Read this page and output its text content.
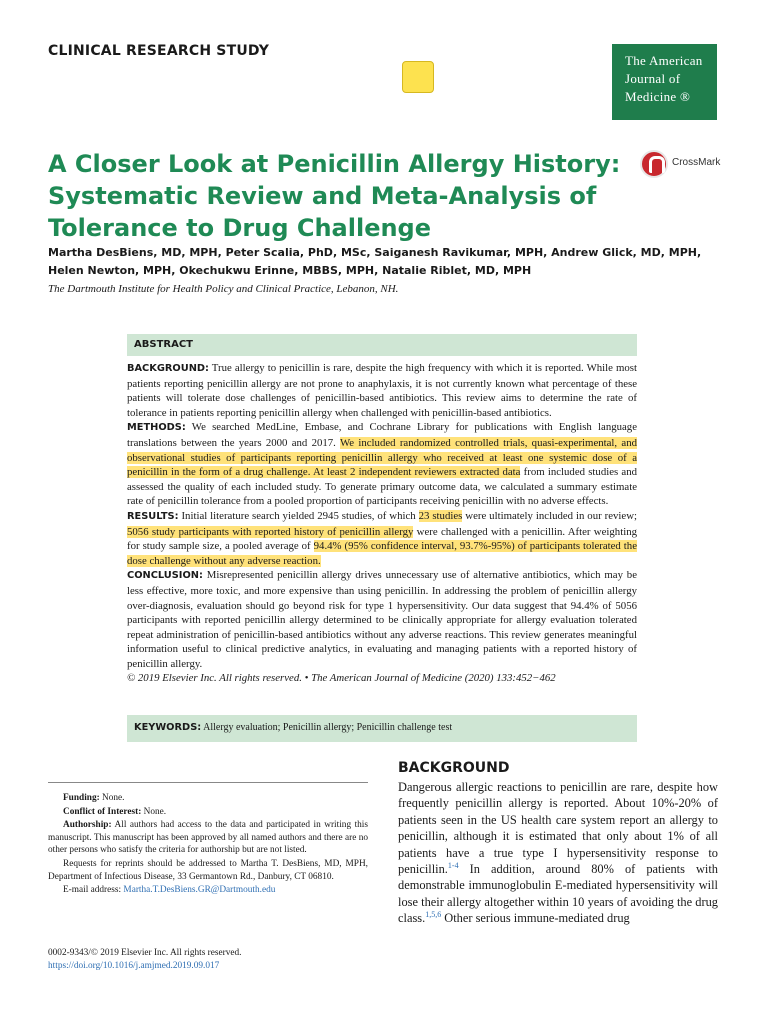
CLINICAL RESEARCH STUDY
The American
Journal of
Medicine ®
CrossMark
A Closer Look at Penicillin Allergy History: Systematic Review and Meta-Analysis of Tolerance to Drug Challenge
Martha DesBiens, MD, MPH, Peter Scalia, PhD, MSc, Saiganesh Ravikumar, MPH, Andrew Glick, MD, MPH, Helen Newton, MPH, Okechukwu Erinne, MBBS, MPH, Natalie Riblet, MD, MPH
The Dartmouth Institute for Health Policy and Clinical Practice, Lebanon, NH.
ABSTRACT

BACKGROUND: True allergy to penicillin is rare, despite the high frequency with which it is reported. While most patients reporting penicillin allergy are not prone to anaphylaxis, it is not currently known what percentage of these patients will tolerate dose challenges of penicillin-based antibiotics. This review aims to determine the rate of tolerance in patients reporting penicillin allergy when challenged with penicillin-based antibiotics.

METHODS: We searched MedLine, Embase, and Cochrane Library for publications with English language translations between the years 2000 and 2017. We included randomized controlled trials, quasi-experimental, and observational studies of participants reporting penicillin allergy who received at least one systemic dose of a penicillin in the form of a drug challenge. At least 2 independent reviewers extracted data from included studies and assessed the quality of each included study. To generate primary outcome data, we calculated a summary estimate rate of penicillin tolerance from a pooled proportion of participants receiving penicillin with no adverse effects.

RESULTS: Initial literature search yielded 2945 studies, of which 23 studies were ultimately included in our review; 5056 study participants with reported history of penicillin allergy were challenged with a penicillin. After weighting for study sample size, a pooled average of 94.4% (95% confidence interval, 93.7%-95%) of participants tolerated the dose challenge without any adverse reaction.

CONCLUSION: Misrepresented penicillin allergy drives unnecessary use of alternative antibiotics, which may be less effective, more toxic, and more expensive than using penicillin. In addressing the problem of penicillin allergy over-diagnosis, evaluation should go beyond risk for type 1 hypersensitivity. Our data suggest that 94.4% of 5056 participants with reported penicillin allergy determined to be clinically appropriate for allergy evaluation tolerated repeat administration of penicillin-based antibiotics without any adverse reactions. This review generates meaningful information useful to clinical predictive analytics, in evaluating and managing patients with a reported history of penicillin allergy.

© 2019 Elsevier Inc. All rights reserved. • The American Journal of Medicine (2020) 133:452−462

KEYWORDS: Allergy evaluation; Penicillin allergy; Penicillin challenge test

Funding: None.

Conflict of Interest: None.

Authorship: All authors had access to the data and participated in writing this manuscript. This manuscript has been approved by all named authors and there are no other persons who satisfy the criteria for authorship but are not listed.

Requests for reprints should be addressed to Martha T. DesBiens, MD, MPH, Department of Infectious Disease, 33 Germantown Rd., Danbury, CT 06810.

E-mail address: Martha.T.DesBiens.GR@Dartmouth.edu

0002-9343/© 2019 Elsevier Inc. All rights reserved.
https://doi.org/10.1016/j.amjmed.2019.09.017
BACKGROUND
Dangerous allergic reactions to penicillin are rare, despite how frequently penicillin allergy is reported. About 10%-20% of patients seen in the US health care system report an allergy to penicillin, although it is estimated that only about 1% of all patients have a true type I hypersensitivity response to penicillin.$^{1-4}$ In addition, around 80% of patients with demonstrable immunoglobulin E-mediated hypersensitivity will lose their allergy altogether within 10 years of avoiding the drug class.$^{1,5,6}$ Other serious immune-mediated drug
